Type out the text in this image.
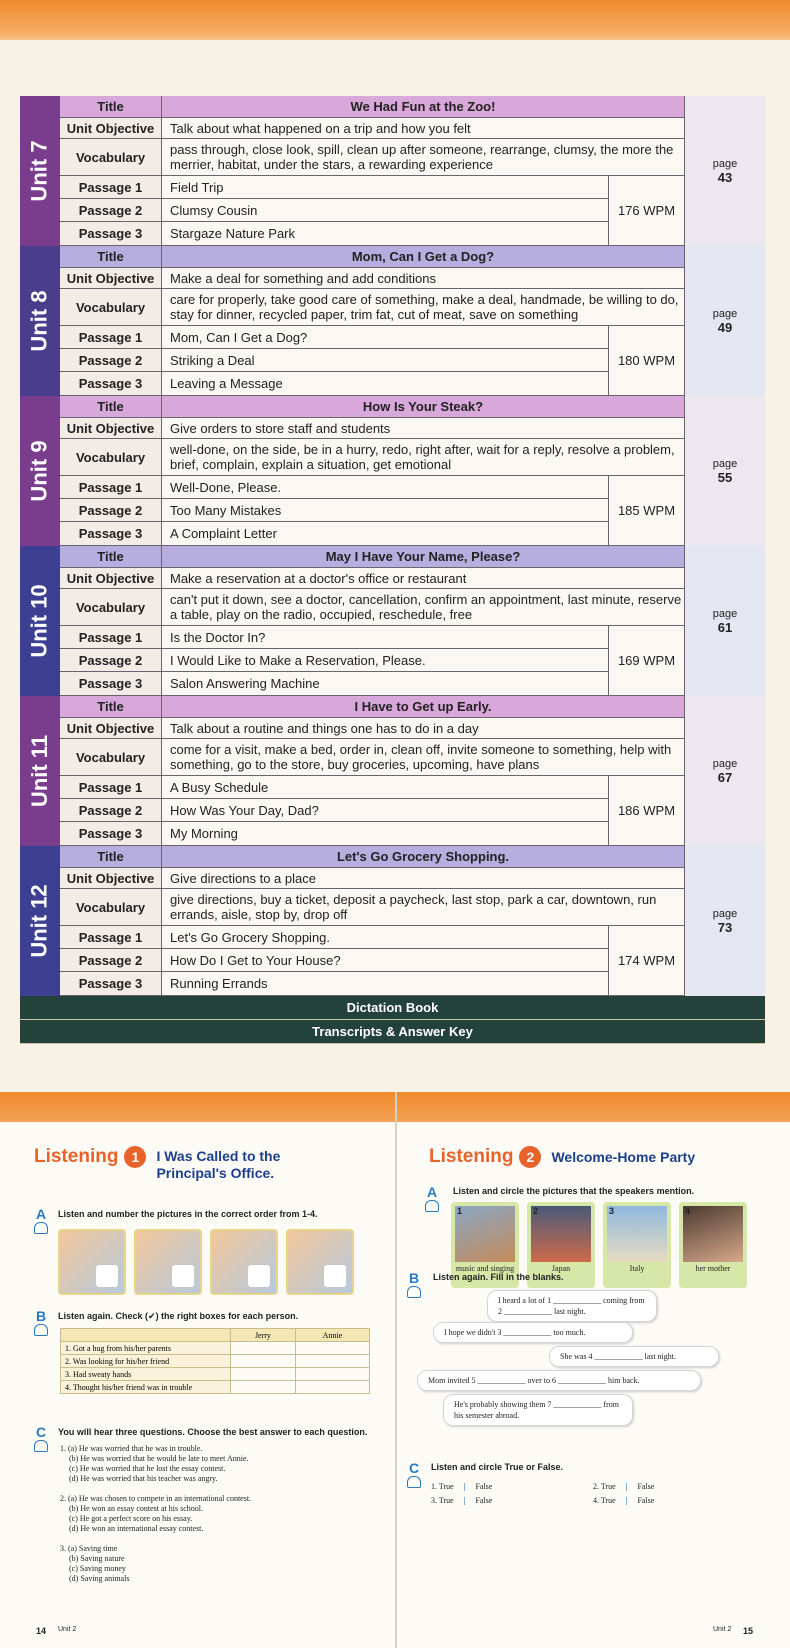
Unit 7
Title	We Had Fun at the Zoo!
Unit Objective	Talk about what happened on a trip and how you felt
Vocabulary	pass through, close look, spill, clean up after someone, rearrange, clumsy, the more the merrier, habitat, under the stars, a rewarding experience
Passage 1	Field Trip
Passage 2	Clumsy Cousin
Passage 3	Stargaze Nature Park
176 WPM
page
43
Unit 8
Title	Mom, Can I Get a Dog?
Unit Objective	Make a deal for something and add conditions
Vocabulary	care for properly, take good care of something, make a deal, handmade, be willing to do, stay for dinner, recycled paper, trim fat, cut of meat, save on something
Passage 1	Mom, Can I Get a Dog?
Passage 2	Striking a Deal
Passage 3	Leaving a Message
180 WPM
page
49
Unit 9
Title	How Is Your Steak?
Unit Objective	Give orders to store staff and students
Vocabulary	well-done, on the side, be in a hurry, redo, right after, wait for a reply, resolve a problem, brief, complain, explain a situation, get emotional
Passage 1	Well-Done, Please.
Passage 2	Too Many Mistakes
Passage 3	A Complaint Letter
185 WPM
page
55
Unit 10
Title	May I Have Your Name, Please?
Unit Objective	Make a reservation at a doctor's office or restaurant
Vocabulary	can't put it down, see a doctor, cancellation, confirm an appointment, last minute, reserve a table, play on the radio, occupied, reschedule, free
Passage 1	Is the Doctor In?
Passage 2	I Would Like to Make a Reservation, Please.
Passage 3	Salon Answering Machine
169 WPM
page
61
Unit 11
Title	I Have to Get up Early.
Unit Objective	Talk about a routine and things one has to do in a day
Vocabulary	come for a visit, make a bed, order in, clean off, invite someone to something, help with something, go to the store, buy groceries, upcoming, have plans
Passage 1	A Busy Schedule
Passage 2	How Was Your Day, Dad?
Passage 3	My Morning
186 WPM
page
67
Unit 12
Title	Let's Go Grocery Shopping.
Unit Objective	Give directions to a place
Vocabulary	give directions, buy a ticket, deposit a paycheck, last stop, park a car, downtown, run errands, aisle, stop by, drop off
Passage 1	Let's Go Grocery Shopping.
Passage 2	How Do I Get to Your House?
Passage 3	Running Errands
174 WPM
page
73
Dictation Book
Transcripts & Answer Key
Listening 1	I Was Called to the Principal's Office.
A Listen and number the pictures in the correct order from 1-4.
B Listen again. Check (✔) the right boxes for each person.
	Jerry	Annie
1. Got a hug from his/her parents		
2. Was looking for his/her friend		
3. Had sweaty hands		
4. Thought his/her friend was in trouble		
C You will hear three questions. Choose the best answer to each question.
1. (a) He was worried that he was in trouble.
(b) He was worried that he would be late to meet Annie.
(c) He was worried that he lost the essay contest.
(d) He was worried that his teacher was angry.
2. (a) He was chosen to compete in an international contest.
(b) He won an essay contest at his school.
(c) He got a perfect score on his essay.
(d) He won an international essay contest.
3. (a) Saving time
(b) Saving nature
(c) Saving money
(d) Saving animals
14 Unit 2
Listening 2	Welcome-Home Party
A Listen and circle the pictures that the speakers mention.
1
music and singing
2
Japan
3
Italy
4
her mother
B Listen again. Fill in the blanks.
I heard a lot of 1 ____________ coming from 2 ____________ last night.
I hope we didn't 3 ____________ too much.
She was 4 ____________ last night.
Mom invited 5 ____________ over to 6 ____________ him back.
He's probably showing them 7 ____________ from his semester abroad.
C Listen and circle True or False.
1. True | False	2. True | False
3. True | False	4. True | False
Unit 2 15
